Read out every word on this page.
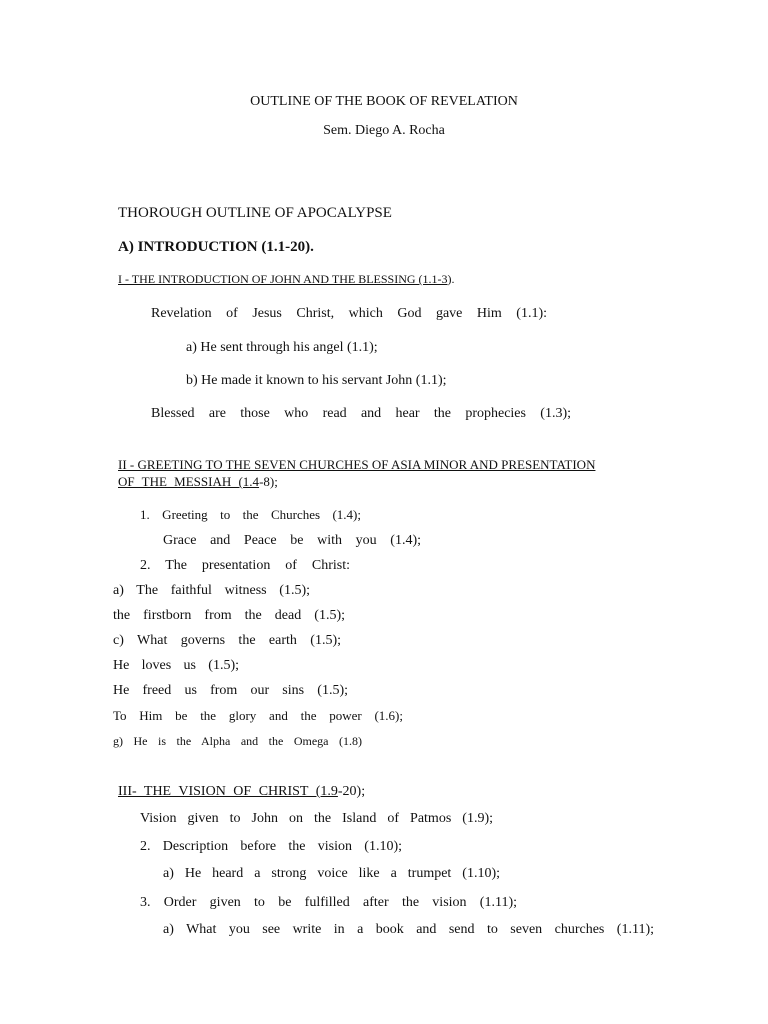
OUTLINE OF THE BOOK OF REVELATION
Sem. Diego A. Rocha
THOROUGH OUTLINE OF APOCALYPSE
A) INTRODUCTION (1.1-20).
I - THE INTRODUCTION OF JOHN AND THE BLESSING (1.1-3).
Revelation of Jesus Christ, which God gave Him (1.1):
a) He sent through his angel (1.1);
b) He made it known to his servant John (1.1);
Blessed are those who read and hear the prophecies (1.3);
II - GREETING TO THE SEVEN CHURCHES OF ASIA MINOR AND PRESENTATION
OF THE MESSIAH (1.4-8);
1. Greeting to the Churches (1.4);
Grace and Peace be with you (1.4);
2. The presentation of Christ:
a) The faithful witness (1.5);
the firstborn from the dead (1.5);
c) What governs the earth (1.5);
He loves us (1.5);
He freed us from our sins (1.5);
To Him be the glory and the power (1.6);
g) He is the Alpha and the Omega (1.8)
III- THE VISION OF CHRIST (1.9-20);
Vision given to John on the Island of Patmos (1.9);
2. Description before the vision (1.10);
a) He heard a strong voice like a trumpet (1.10);
3. Order given to be fulfilled after the vision (1.11);
a) What you see write in a book and send to seven churches (1.11);
